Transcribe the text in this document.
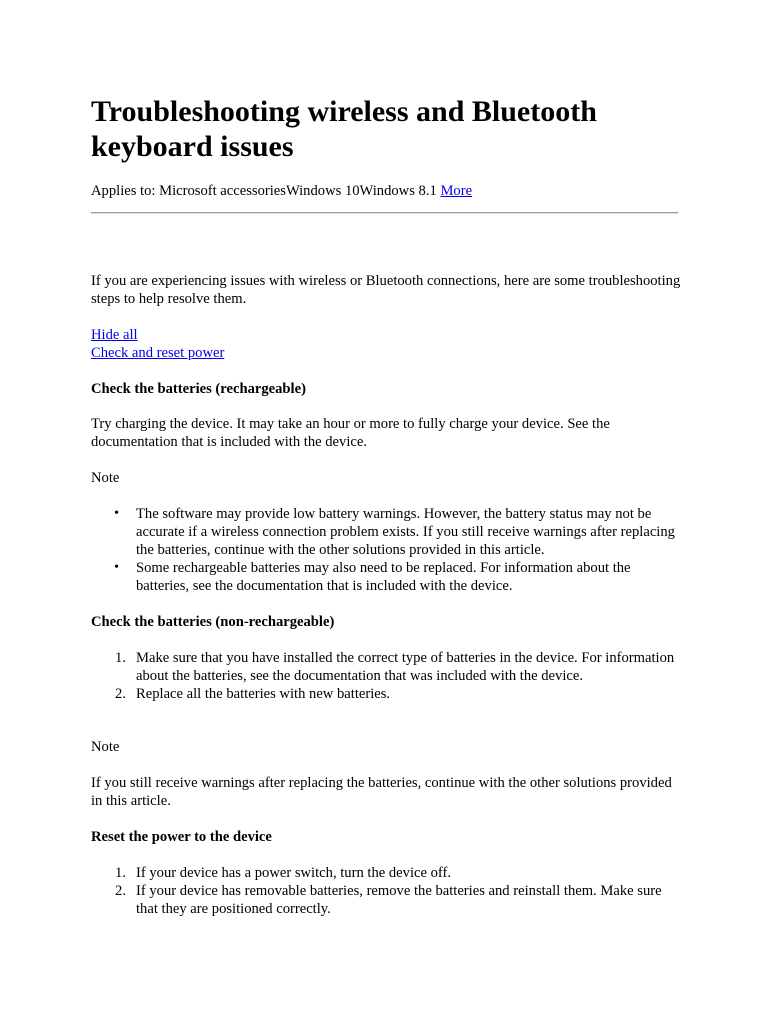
Troubleshooting wireless and Bluetooth keyboard issues
Applies to: Microsoft accessoriesWindows 10Windows 8.1 More

If you are experiencing issues with wireless or Bluetooth connections, here are some troubleshooting steps to help resolve them.

Hide all
Check and reset power

Check the batteries (rechargeable)

Try charging the device. It may take an hour or more to fully charge your device. See the documentation that is included with the device.

Note

• The software may provide low battery warnings. However, the battery status may not be accurate if a wireless connection problem exists. If you still receive warnings after replacing the batteries, continue with the other solutions provided in this article.
• Some rechargeable batteries may also need to be replaced. For information about the batteries, see the documentation that is included with the device.

Check the batteries (non-rechargeable)

1. Make sure that you have installed the correct type of batteries in the device. For information about the batteries, see the documentation that was included with the device.
2. Replace all the batteries with new batteries.

Note

If you still receive warnings after replacing the batteries, continue with the other solutions provided in this article.

Reset the power to the device

1. If your device has a power switch, turn the device off.
2. If your device has removable batteries, remove the batteries and reinstall them. Make sure that they are positioned correctly.
